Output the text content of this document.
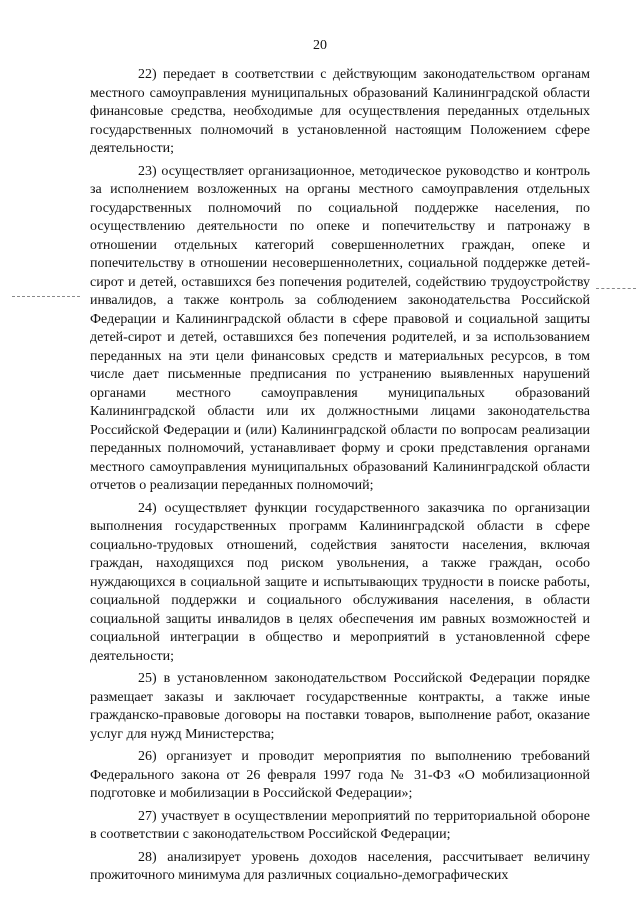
20

22) передает в соответствии с действующим законодательством органам местного самоуправления муниципальных образований Калининградской области финансовые средства, необходимые для осуществления переданных отдельных государственных полномочий в установленной настоящим Положением сфере деятельности;

23) осуществляет организационное, методическое руководство и контроль за исполнением возложенных на органы местного самоуправления отдельных государственных полномочий по социальной поддержке населения, по осуществлению деятельности по опеке и попечительству и патронажу в отношении отдельных категорий совершеннолетних граждан, опеке и попечительству в отношении несовершеннолетних, социальной поддержке детей-сирот и детей, оставшихся без попечения родителей, содействию трудоустройству инвалидов, а также контроль за соблюдением законодательства Российской Федерации и Калининградской области в сфере правовой и социальной защиты детей-сирот и детей, оставшихся без попечения родителей, и за использованием переданных на эти цели финансовых средств и материальных ресурсов, в том числе дает письменные предписания по устранению выявленных нарушений органами местного самоуправления муниципальных образований Калининградской области или их должностными лицами законодательства Российской Федерации и (или) Калининградской области по вопросам реализации переданных полномочий, устанавливает форму и сроки представления органами местного самоуправления муниципальных образований Калининградской области отчетов о реализации переданных полномочий;

24) осуществляет функции государственного заказчика по организации выполнения государственных программ Калининградской области в сфере социально-трудовых отношений, содействия занятости населения, включая граждан, находящихся под риском увольнения, а также граждан, особо нуждающихся в социальной защите и испытывающих трудности в поиске работы, социальной поддержки и социального обслуживания населения, в области социальной защиты инвалидов в целях обеспечения им равных возможностей и социальной интеграции в общество и мероприятий в установленной сфере деятельности;

25) в установленном законодательством Российской Федерации порядке размещает заказы и заключает государственные контракты, а также иные гражданско-правовые договоры на поставки товаров, выполнение работ, оказание услуг для нужд Министерства;

26) организует и проводит мероприятия по выполнению требований Федерального закона от 26 февраля 1997 года № 31-ФЗ «О мобилизационной подготовке и мобилизации в Российской Федерации»;

27) участвует в осуществлении мероприятий по территориальной обороне в соответствии с законодательством Российской Федерации;

28) анализирует уровень доходов населения, рассчитывает величину прожиточного минимума для различных социально-демографических
